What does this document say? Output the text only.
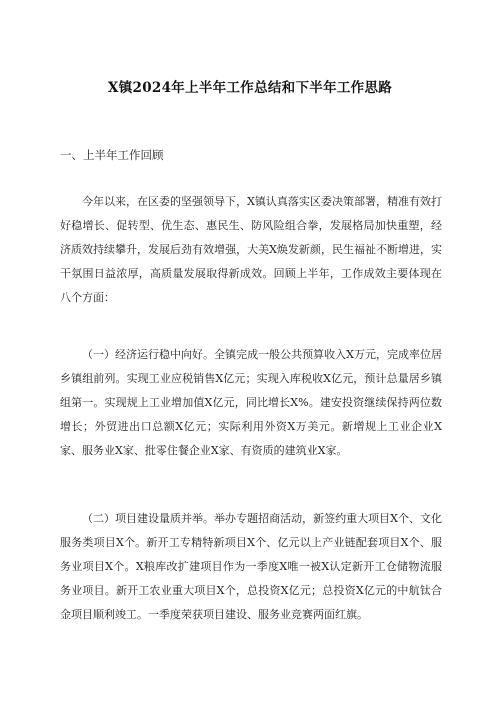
X镇2024年上半年工作总结和下半年工作思路
一、上半年工作回顾

今年以来，在区委的坚强领导下，X镇认真落实区委决策部署，精准有效打好稳增长、促转型、优生态、惠民生、防风险组合拳，发展格局加快重塑，经济质效持续攀升，发展后劲有效增强，大美X焕发新颜，民生福祉不断增进，实干氛围日益浓厚，高质量发展取得新成效。回顾上半年，工作成效主要体现在八个方面：

（一）经济运行稳中向好。全镇完成一般公共预算收入X万元，完成率位居乡镇组前列。实现工业应税销售X亿元；实现入库税收X亿元，预计总量居乡镇组第一。实现规上工业增加值X亿元，同比增长X%。建安投资继续保持两位数增长；外贸进出口总额X亿元；实际利用外资X万美元。新增规上工业企业X家、服务业X家、批零住餐企业X家、有资质的建筑业X家。

（二）项目建设量质并举。举办专题招商活动，新签约重大项目X个、文化服务类项目X个。新开工专精特新项目X个、亿元以上产业链配套项目X个、服务业项目X个。X粮库改扩建项目作为一季度X唯一被X认定新开工仓储物流服务业项目。新开工农业重大项目X个，总投资X亿元；总投资X亿元的中航钛合金项目顺利竣工。一季度荣获项目建设、服务业竞赛两面红旗。
